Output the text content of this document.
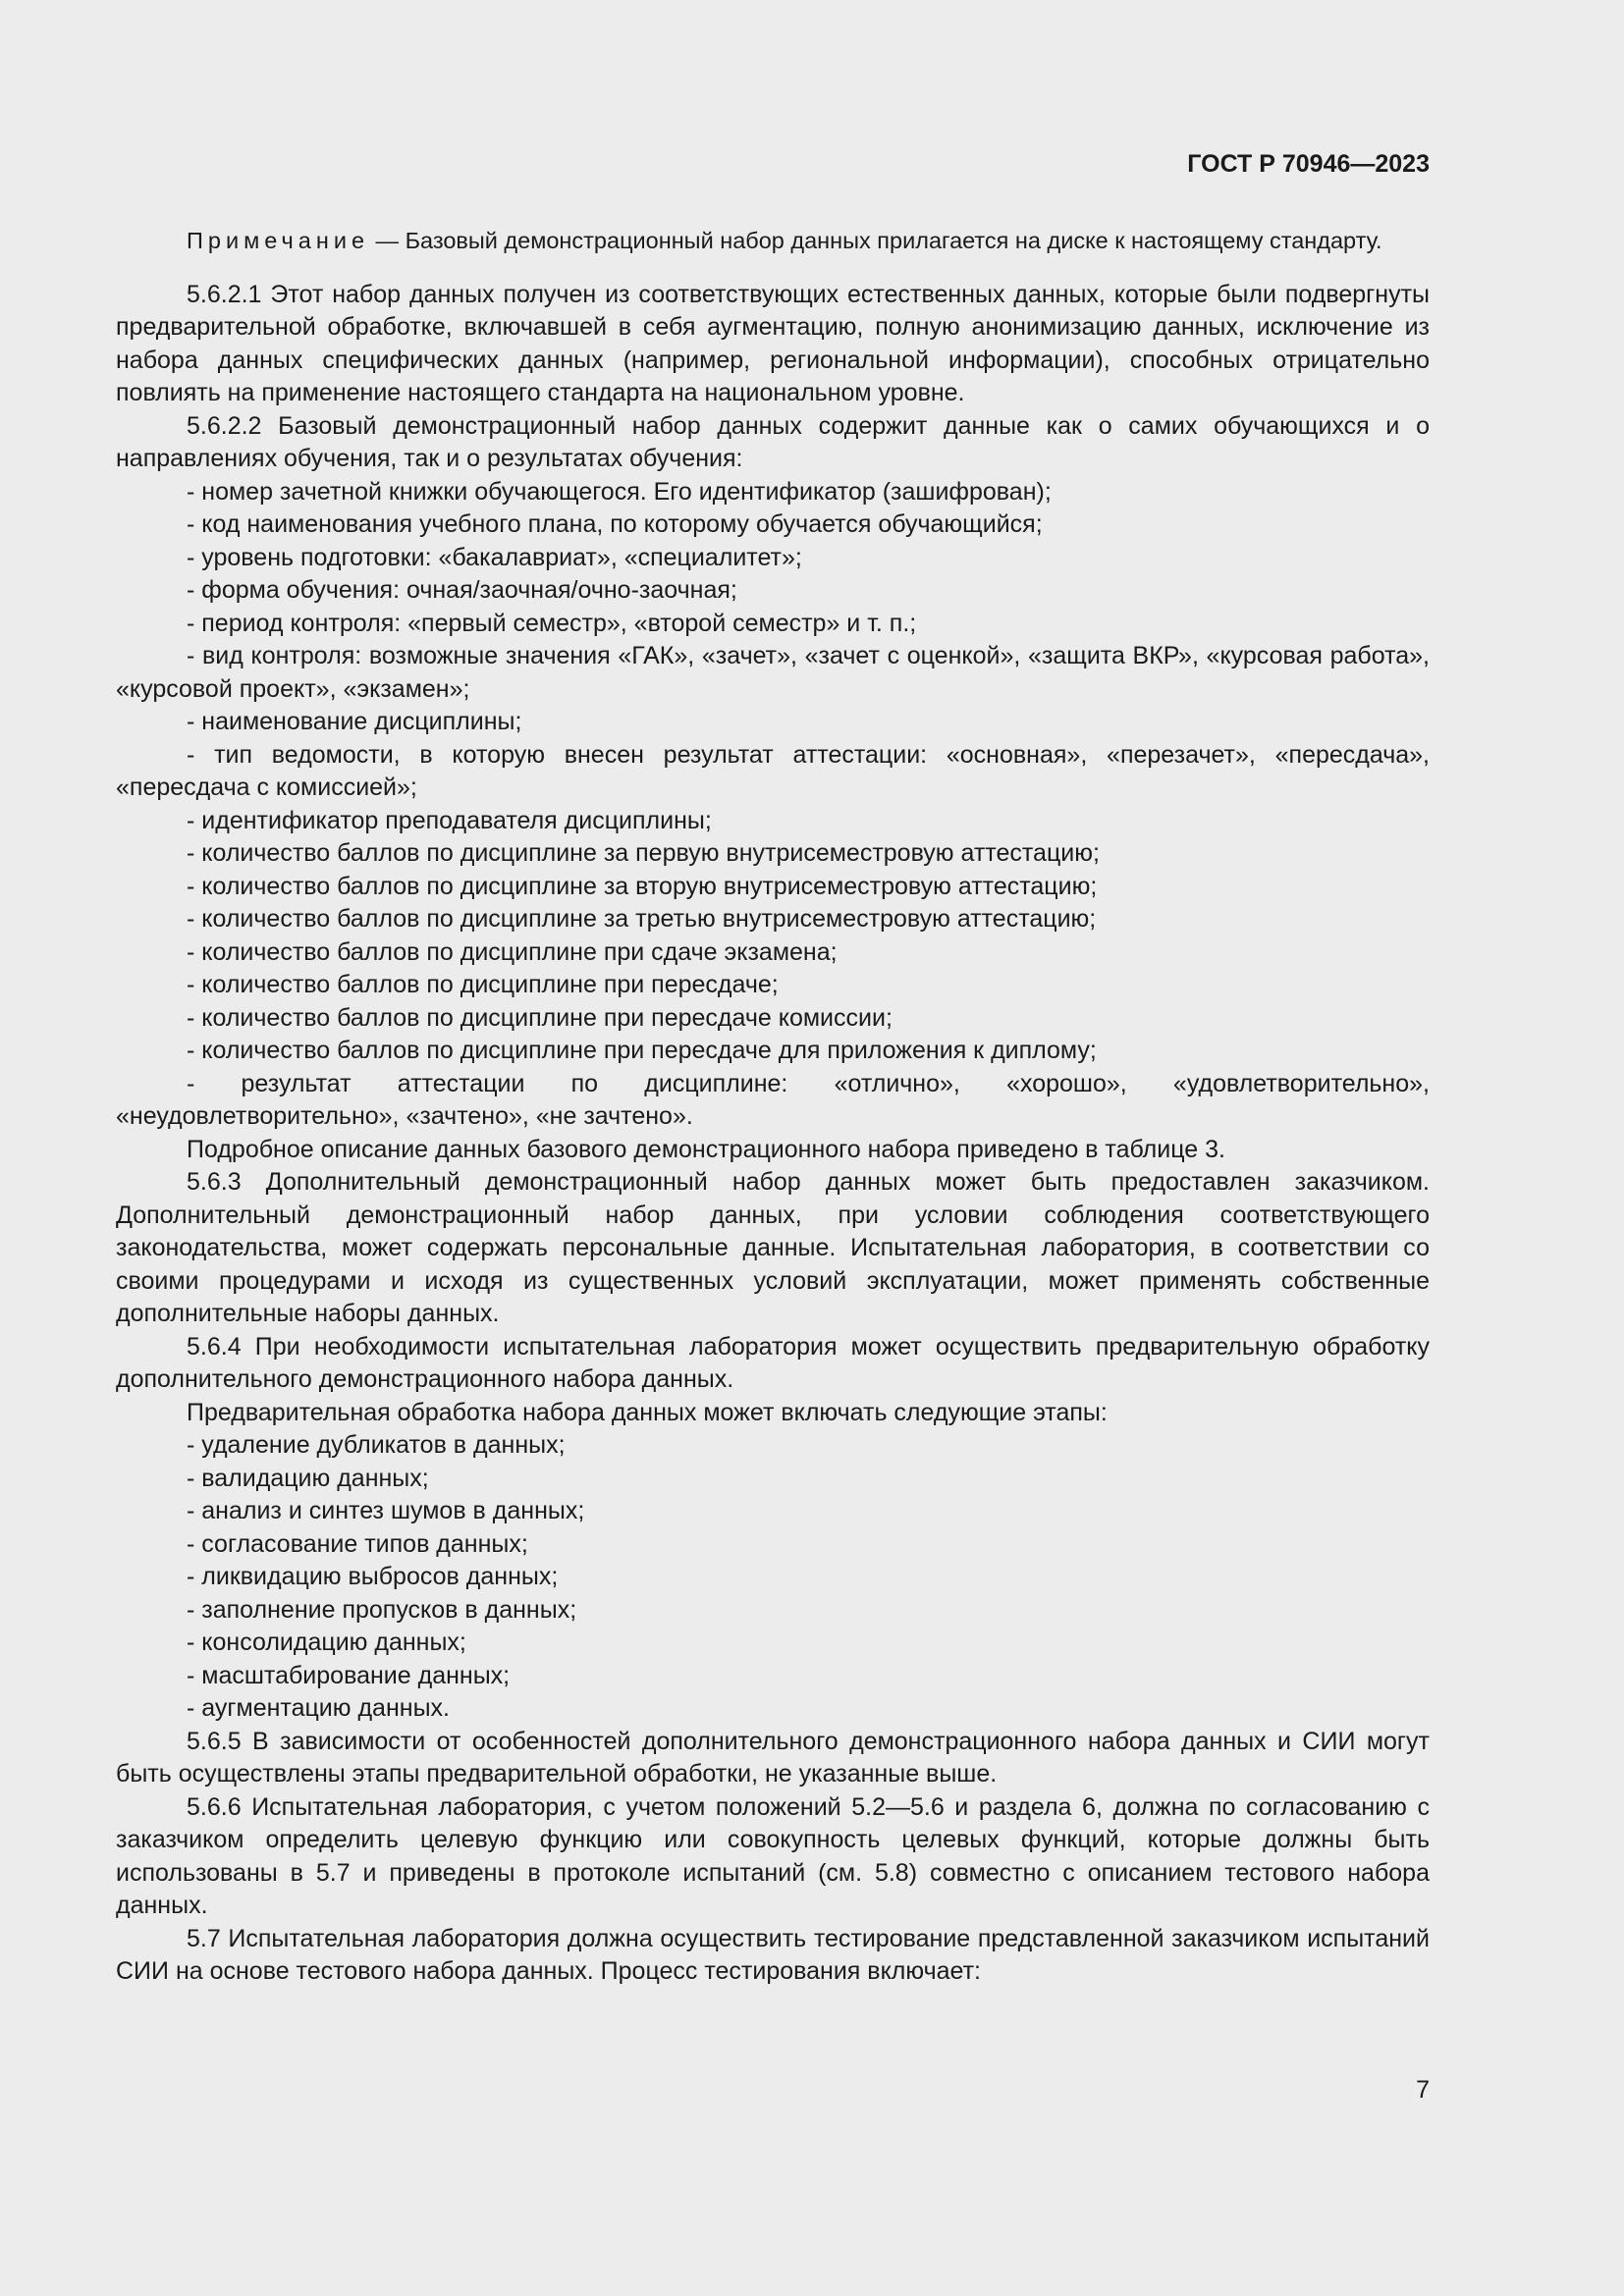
ГОСТ Р 70946—2023

Примечание — Базовый демонстрационный набор данных прилагается на диске к настоящему стандарту.

5.6.2.1 Этот набор данных получен из соответствующих естественных данных, которые были подвергнуты предварительной обработке, включавшей в себя аугментацию, полную анонимизацию данных, исключение из набора данных специфических данных (например, региональной информации), способных отрицательно повлиять на применение настоящего стандарта на национальном уровне.

5.6.2.2 Базовый демонстрационный набор данных содержит данные как о самих обучающихся и о направлениях обучения, так и о результатах обучения:

- номер зачетной книжки обучающегося. Его идентификатор (зашифрован);

- код наименования учебного плана, по которому обучается обучающийся;

- уровень подготовки: «бакалавриат», «специалитет»;

- форма обучения: очная/заочная/очно-заочная;

- период контроля: «первый семестр», «второй семестр» и т. п.;

- вид контроля: возможные значения «ГАК», «зачет», «зачет с оценкой», «защита ВКР», «курсовая работа», «курсовой проект», «экзамен»;

- наименование дисциплины;

- тип ведомости, в которую внесен результат аттестации: «основная», «перезачет», «пересдача», «пересдача с комиссией»;

- идентификатор преподавателя дисциплины;

- количество баллов по дисциплине за первую внутрисеместровую аттестацию;

- количество баллов по дисциплине за вторую внутрисеместровую аттестацию;

- количество баллов по дисциплине за третью внутрисеместровую аттестацию;

- количество баллов по дисциплине при сдаче экзамена;

- количество баллов по дисциплине при пересдаче;

- количество баллов по дисциплине при пересдаче комиссии;

- количество баллов по дисциплине при пересдаче для приложения к диплому;

- результат аттестации по дисциплине: «отлично», «хорошо», «удовлетворительно», «неудовлетворительно», «зачтено», «не зачтено».

Подробное описание данных базового демонстрационного набора приведено в таблице 3.

5.6.3 Дополнительный демонстрационный набор данных может быть предоставлен заказчиком. Дополнительный демонстрационный набор данных, при условии соблюдения соответствующего законодательства, может содержать персональные данные. Испытательная лаборатория, в соответствии со своими процедурами и исходя из существенных условий эксплуатации, может применять собственные дополнительные наборы данных.

5.6.4 При необходимости испытательная лаборатория может осуществить предварительную обработку дополнительного демонстрационного набора данных.

Предварительная обработка набора данных может включать следующие этапы:

- удаление дубликатов в данных;

- валидацию данных;

- анализ и синтез шумов в данных;

- согласование типов данных;

- ликвидацию выбросов данных;

- заполнение пропусков в данных;

- консолидацию данных;

- масштабирование данных;

- аугментацию данных.

5.6.5 В зависимости от особенностей дополнительного демонстрационного набора данных и СИИ могут быть осуществлены этапы предварительной обработки, не указанные выше.

5.6.6 Испытательная лаборатория, с учетом положений 5.2—5.6 и раздела 6, должна по согласованию с заказчиком определить целевую функцию или совокупность целевых функций, которые должны быть использованы в 5.7 и приведены в протоколе испытаний (см. 5.8) совместно с описанием тестового набора данных.

5.7 Испытательная лаборатория должна осуществить тестирование представленной заказчиком испытаний СИИ на основе тестового набора данных. Процесс тестирования включает:

7
